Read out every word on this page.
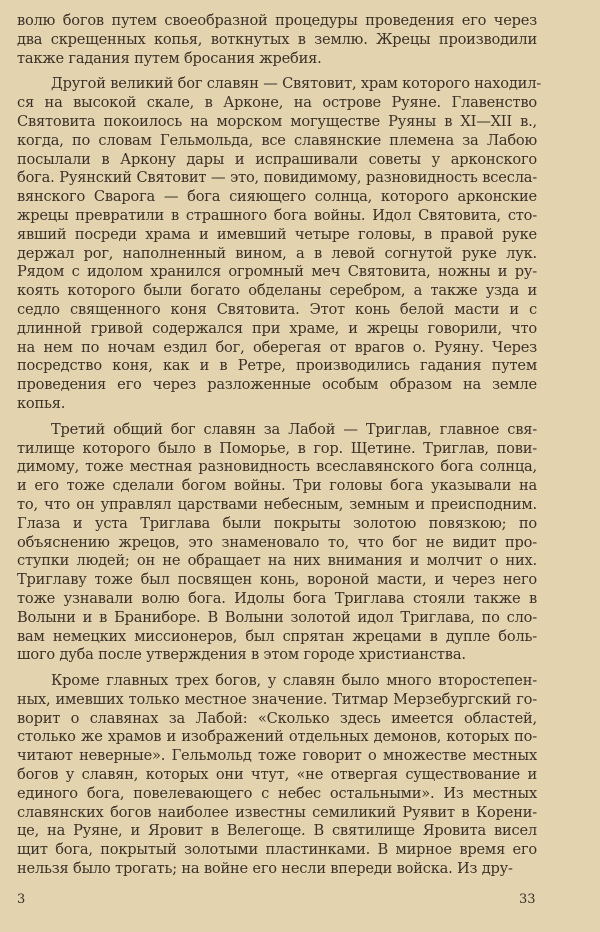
волю богов путем своеобразной процедуры проведения его через
два скрещенных копья, воткнутых в землю. Жрецы производили
также гадания путем бросания жребия.
Другой великий бог славян — Святовит, храм которого находил-
ся на высокой скале, в Арконе, на острове Руяне. Главенство
Святовита покоилось на морском могуществе Руяны в XI—XII в.,
когда, по словам Гельмольда, все славянские племена за Лабою
посылали в Аркону дары и испрашивали советы у арконского
бога. Руянский Святовит — это, повидимому, разновидность всесла-
вянского Сварога — бога сияющего солнца, которого арконские
жрецы превратили в страшного бога войны. Идол Святовита, сто-
явший посреди храма и имевший четыре головы, в правой руке
держал рог, наполненный вином, а в левой согнутой руке лук.
Рядом с идолом хранился огромный меч Святовита, ножны и ру-
коять которого были богато обделаны серебром, а также узда и
седло священного коня Святовита. Этот конь белой масти и с
длинной гривой содержался при храме, и жрецы говорили, что
на нем по ночам ездил бог, оберегая от врагов о. Руяну. Через
посредство коня, как и в Ретре, производились гадания путем
проведения его через разложенные особым образом на земле
копья.
Третий общий бог славян за Лабой — Триглав, главное свя-
тилище которого было в Поморье, в гор. Щетине. Триглав, пови-
димому, тоже местная разновидность всеславянского бога солнца,
и его тоже сделали богом войны. Три головы бога указывали на
то, что он управлял царствами небесным, земным и преисподним.
Глаза и уста Триглава были покрыты золотою повязкою; по
объяснению жрецов, это знаменовало то, что бог не видит про-
ступки людей; он не обращает на них внимания и молчит о них.
Триглаву тоже был посвящен конь, вороной масти, и через него
тоже узнавали волю бога. Идолы бога Триглава стояли также в
Волыни и в Бранибope. В Волыни золотой идол Триглава, по сло-
вам немецких миссионеров, был спрятан жрецами в дупле боль-
шого дуба после утверждения в этом городе христианства.
Кроме главных трех богов, у славян было много второстепен-
ных, имевших только местное значение. Титмар Мерзебургский го-
ворит о славянах за Лабой: «Сколько здесь имеется областей,
столько же храмов и изображений отдельных демонов, которых по-
читают неверные». Гельмольд тоже говорит о множестве местных
богов у славян, которых они чтут, «не отвергая существование и
единого бога, повелевающего с небес остальными». Из местных
славянских богов наиболее известны семиликий Руявит в Корени-
це, на Руяне, и Яровит в Велегоще. В святилище Яровита висел
щит бога, покрытый золотыми пластинками. В мирное время его
нельзя было трогать; на войне его несли впереди войска. Из дру-
3	33
